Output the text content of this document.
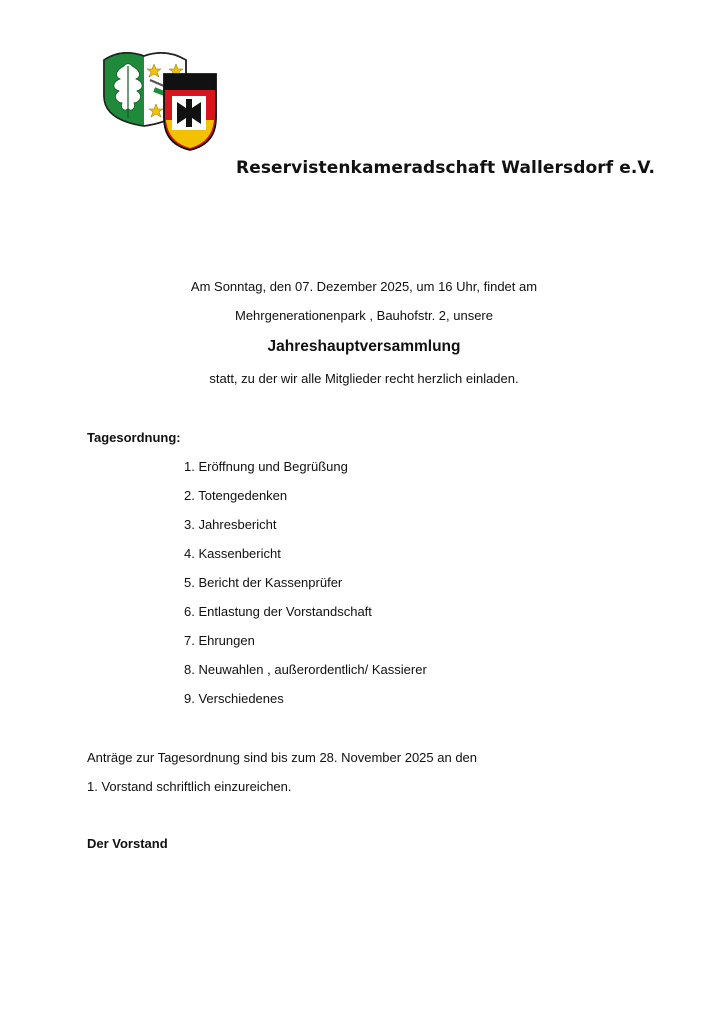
Reservistenkameradschaft Wallersdorf e.V.
Am Sonntag, den 07. Dezember 2025, um 16 Uhr, findet am
Mehrgenerationenpark , Bauhofstr. 2, unsere
Jahreshauptversammlung
statt, zu der wir alle Mitglieder recht herzlich einladen.
Tagesordnung:
1. Eröffnung und Begrüßung
2. Totengedenken
3. Jahresbericht
4. Kassenbericht
5. Bericht der Kassenprüfer
6. Entlastung der Vorstandschaft
7. Ehrungen
8. Neuwahlen , außerordentlich/ Kassierer
9. Verschiedenes
Anträge zur Tagesordnung sind bis zum 28. November 2025 an den
1. Vorstand schriftlich einzureichen.
Der Vorstand
